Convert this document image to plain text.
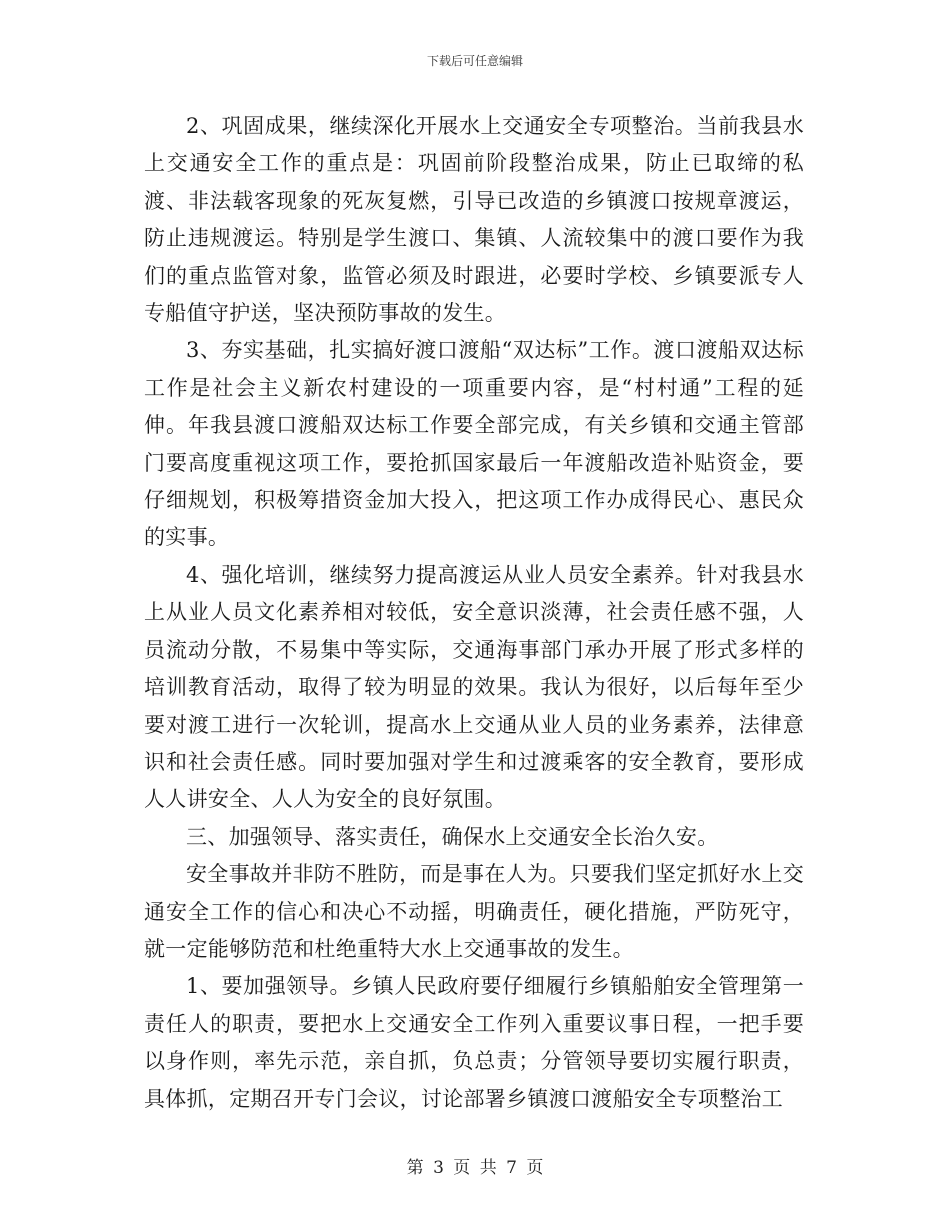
下载后可任意编辑

2、巩固成果，继续深化开展水上交通安全专项整治。当前我县水上交通安全工作的重点是：巩固前阶段整治成果，防止已取缔的私渡、非法载客现象的死灰复燃，引导已改造的乡镇渡口按规章渡运，防止违规渡运。特别是学生渡口、集镇、人流较集中的渡口要作为我们的重点监管对象，监管必须及时跟进，必要时学校、乡镇要派专人专船值守护送，坚决预防事故的发生。

3、夯实基础，扎实搞好渡口渡船“双达标”工作。渡口渡船双达标工作是社会主义新农村建设的一项重要内容，是“村村通”工程的延伸。年我县渡口渡船双达标工作要全部完成，有关乡镇和交通主管部门要高度重视这项工作，要抢抓国家最后一年渡船改造补贴资金，要仔细规划，积极筹措资金加大投入，把这项工作办成得民心、惠民众的实事。

4、强化培训，继续努力提高渡运从业人员安全素养。针对我县水上从业人员文化素养相对较低，安全意识淡薄，社会责任感不强，人员流动分散，不易集中等实际，交通海事部门承办开展了形式多样的培训教育活动，取得了较为明显的效果。我认为很好，以后每年至少要对渡工进行一次轮训，提高水上交通从业人员的业务素养，法律意识和社会责任感。同时要加强对学生和过渡乘客的安全教育，要形成人人讲安全、人人为安全的良好氛围。

三、加强领导、落实责任，确保水上交通安全长治久安。

安全事故并非防不胜防，而是事在人为。只要我们坚定抓好水上交通安全工作的信心和决心不动摇，明确责任，硬化措施，严防死守，就一定能够防范和杜绝重特大水上交通事故的发生。

1、要加强领导。乡镇人民政府要仔细履行乡镇船舶安全管理第一责任人的职责，要把水上交通安全工作列入重要议事日程，一把手要以身作则，率先示范，亲自抓，负总责；分管领导要切实履行职责，具体抓，定期召开专门会议，讨论部署乡镇渡口渡船安全专项整治工

第 3 页 共 7 页
